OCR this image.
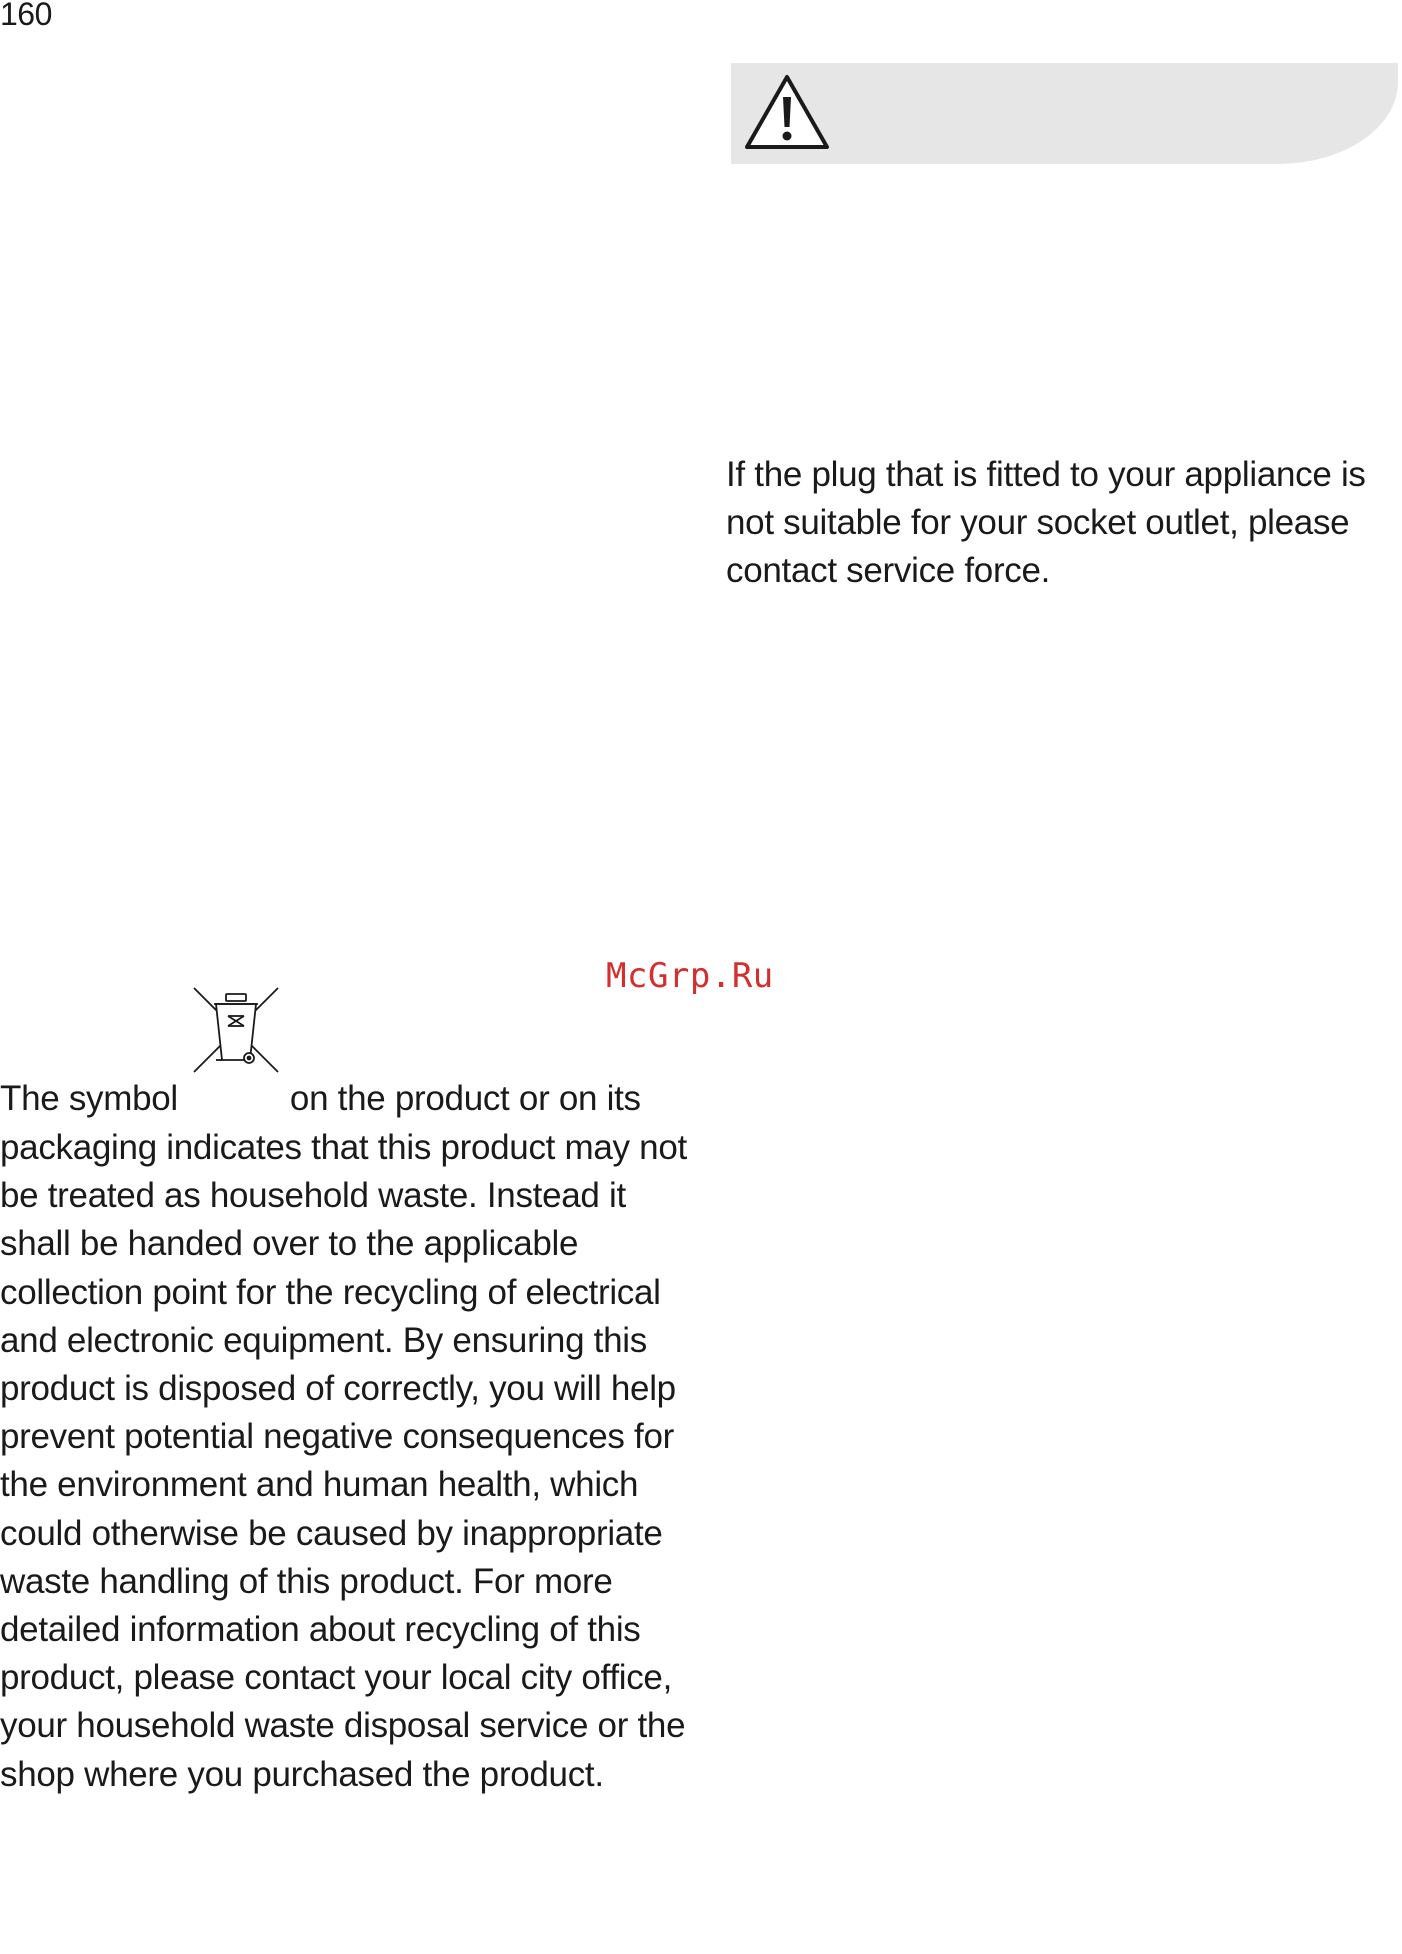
160
If the plug that is fitted to your appliance is not suitable for your socket outlet, please contact service force.
McGrp.Ru
The symbol	on the product or on its packaging indicates that this product may not be treated as household waste. Instead it shall be handed over to the applicable collection point for the recycling of electrical and electronic equipment. By ensuring this product is disposed of correctly, you will help prevent potential negative consequences for the environment and human health, which could otherwise be caused by inappropriate waste handling of this product. For more detailed information about recycling of this product, please contact your local city office, your household waste disposal service or the shop where you purchased the product.
